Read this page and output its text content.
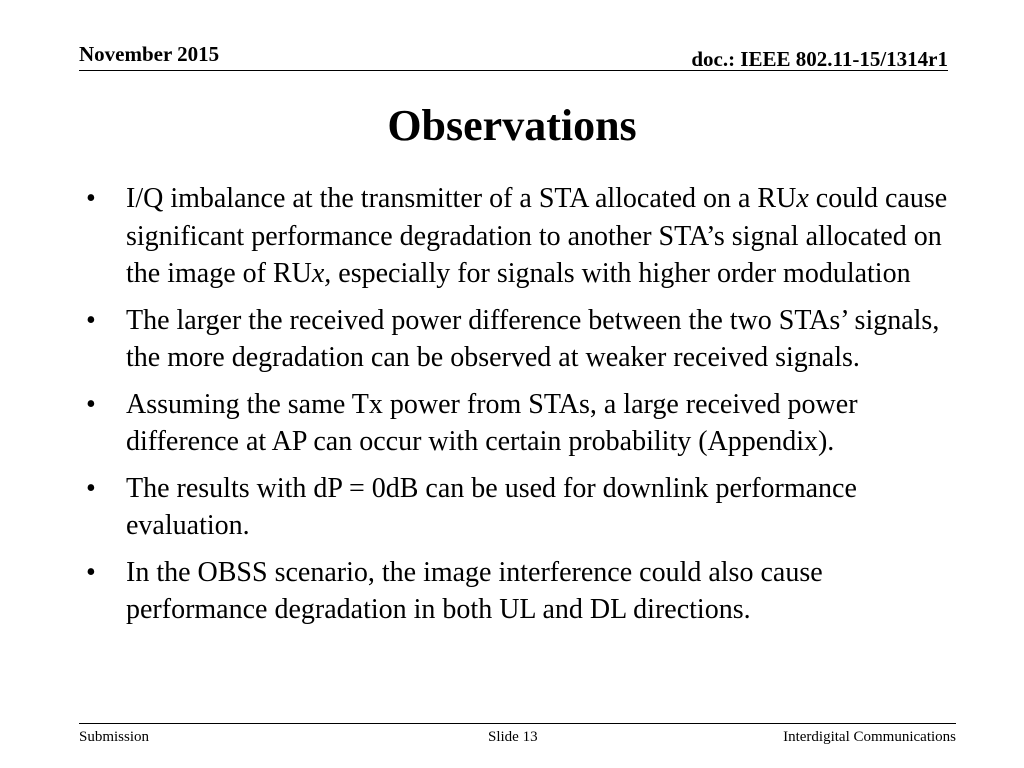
November 2015	doc.: IEEE 802.11-15/1314r1
Observations
• I/Q imbalance at the transmitter of a STA allocated on a RUx could cause significant performance degradation to another STA’s signal allocated on the image of RUx, especially for signals with higher order modulation
• The larger the received power difference between the two STAs’ signals, the more degradation can be observed at weaker received signals.
• Assuming the same Tx power from STAs, a large received power difference at AP can occur with certain probability (Appendix).
• The results with dP = 0dB can be used for downlink performance evaluation.
• In the OBSS scenario, the image interference could also cause performance degradation in both UL and DL directions.
Submission	Slide 13	Interdigital Communications
